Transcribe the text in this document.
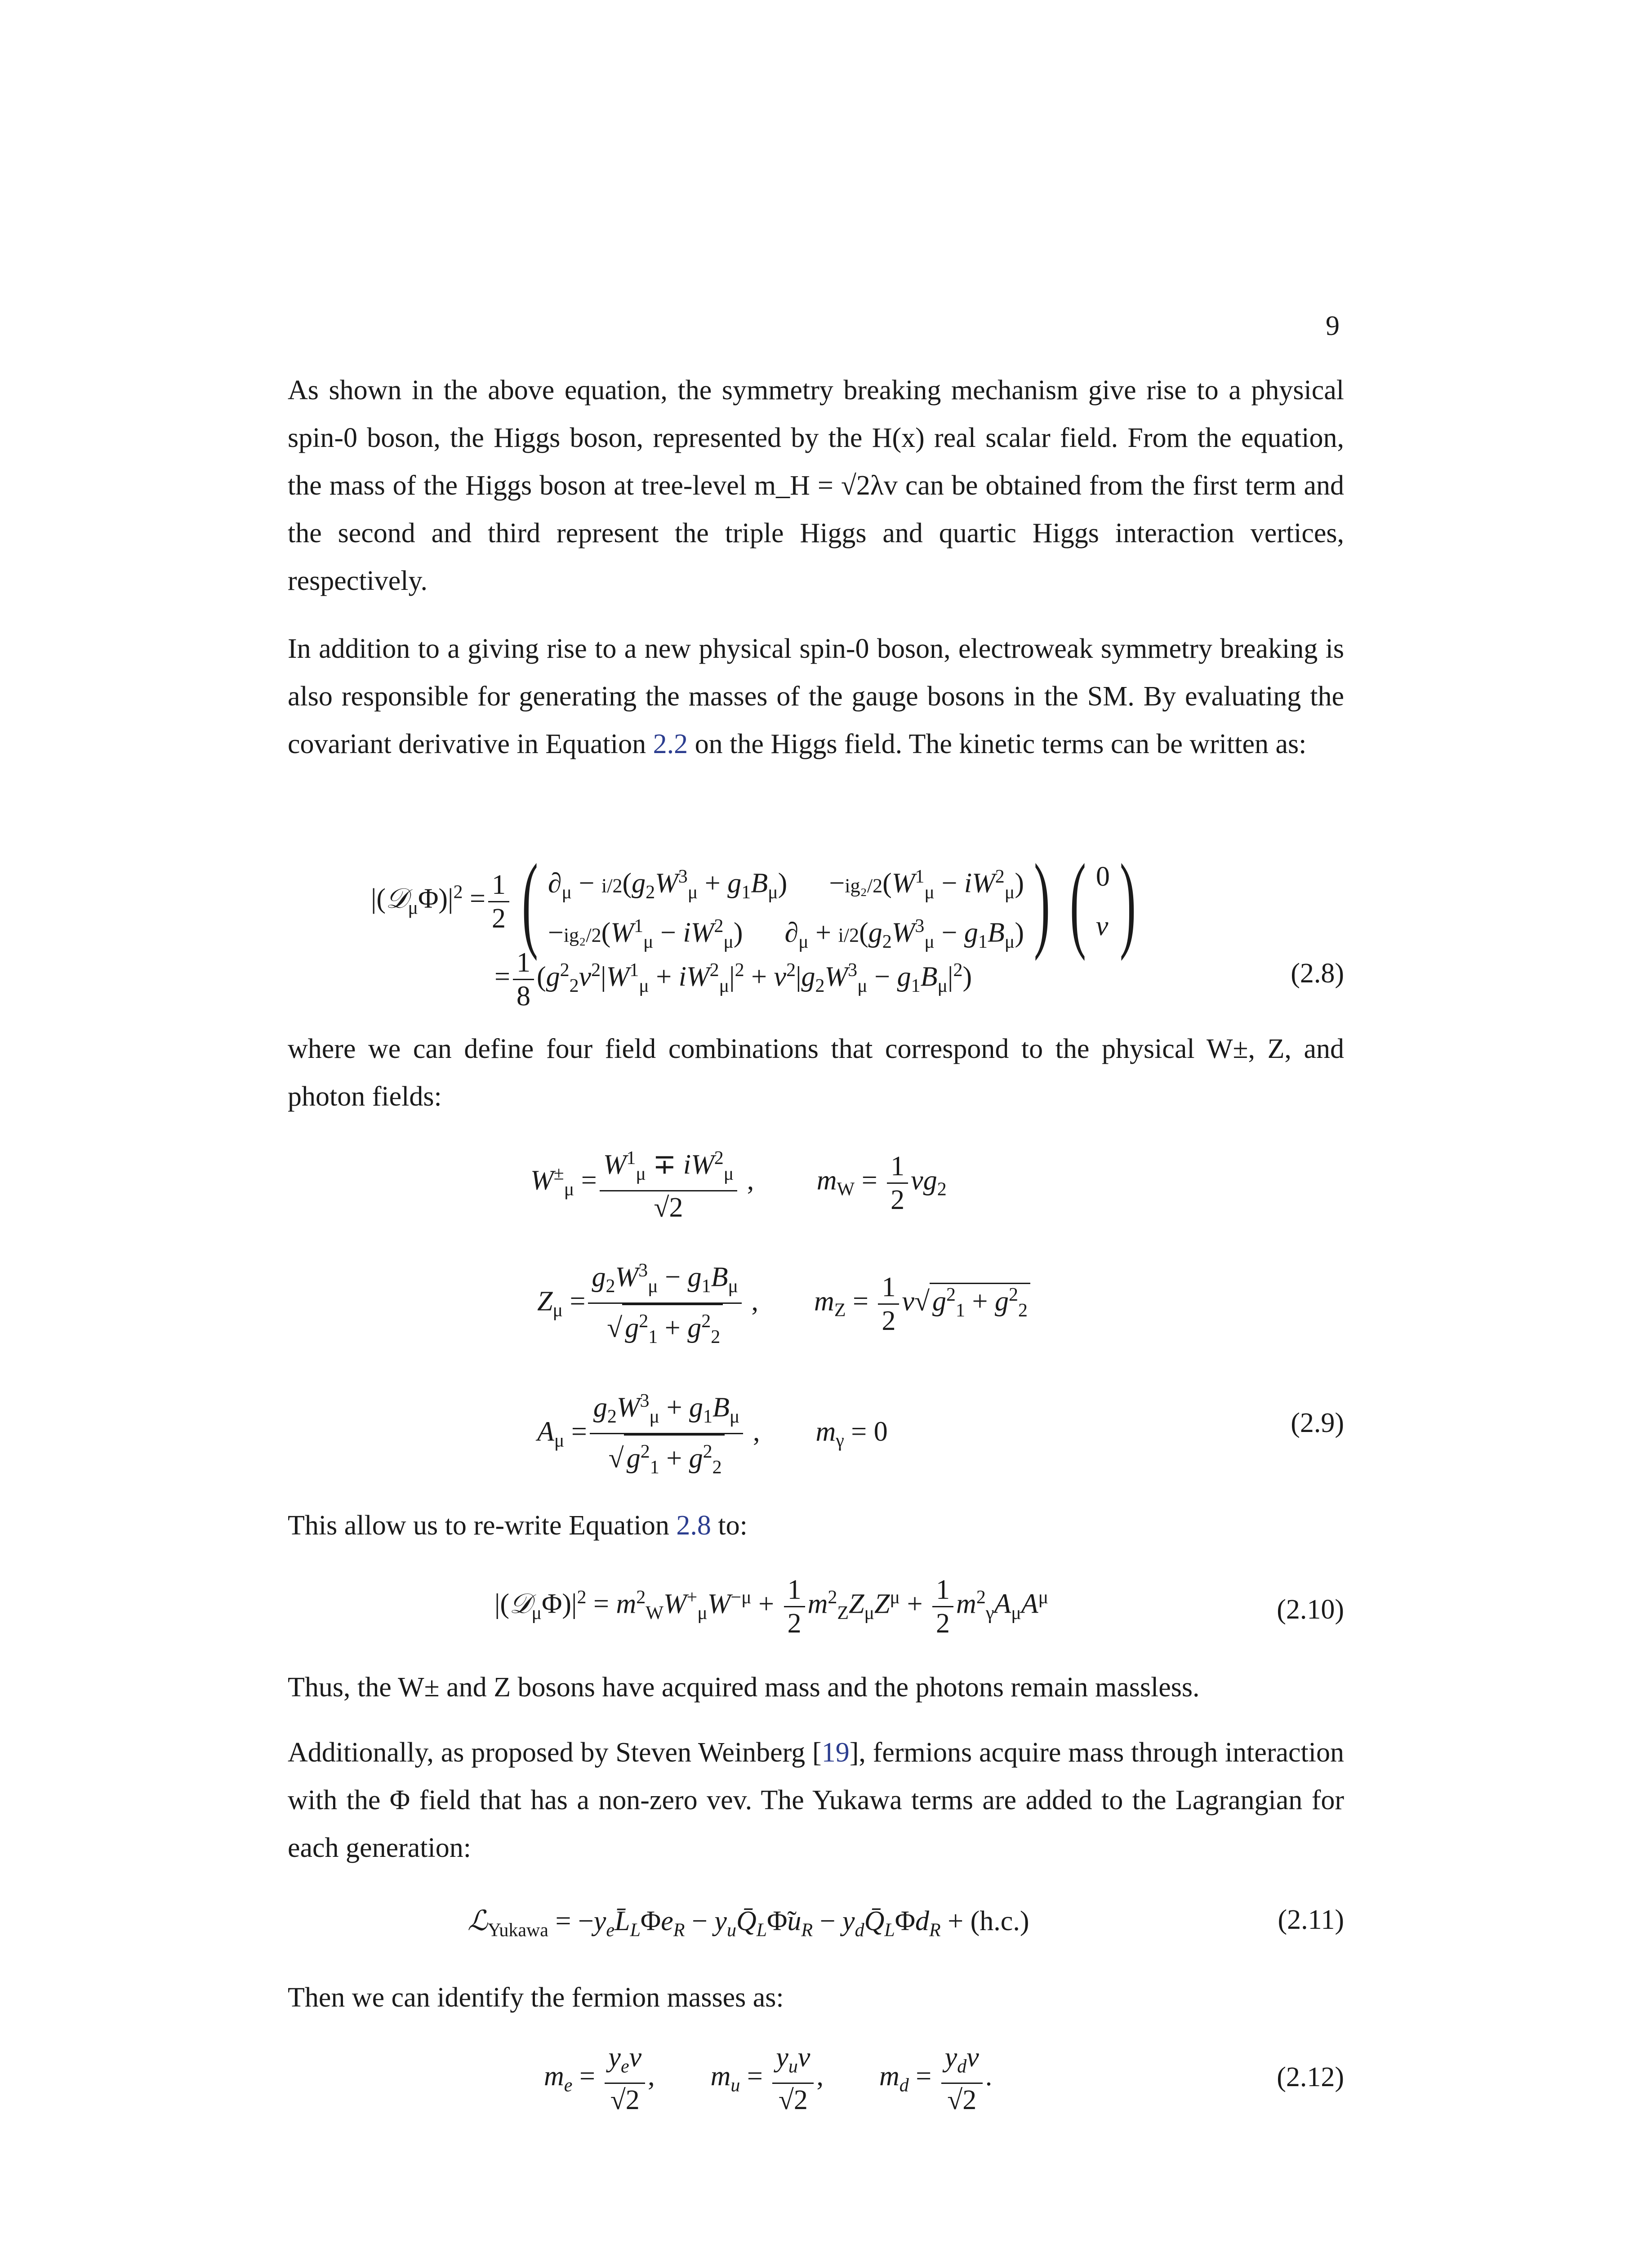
9
As shown in the above equation, the symmetry breaking mechanism give rise to a physical spin-0 boson, the Higgs boson, represented by the H(x) real scalar field. From the equation, the mass of the Higgs boson at tree-level m_H = √2λv can be obtained from the first term and the second and third represent the triple Higgs and quartic Higgs interaction vertices, respectively.
In addition to a giving rise to a new physical spin-0 boson, electroweak symmetry breaking is also responsible for generating the masses of the gauge bosons in the SM. By evaluating the covariant derivative in Equation 2.2 on the Higgs field. The kinetic terms can be written as:
$|(𝒟_\mu\Phi)|^2 = \frac{1}{2}$ ( $\partial_\mu - i/2(g_2W^3_\mu + g_1B_\mu)$      $-ig_2/2(W^1_\mu - iW^2_\mu)$
$-ig_2/2(W^1_\mu - iW^2_\mu)$      $\partial_\mu + i/2(g_2W^3_\mu - g_1B_\mu)$ ) ( 0
v )
= $\frac{1}{8} (g^2_2v^2|W^1_\mu + iW^2_\mu|^2 + v^2|g_2W^3_\mu - g_1B_\mu|^2)$	(2.8)
where we can define four field combinations that correspond to the physical W±, Z, and photon fields:
$W^\pm_\mu = \frac{W^1_\mu \mp iW^2_\mu}{√2}$ ,         $m_W = \frac{1}{2} vg_2$
$Z_\mu = \frac{g_2W^3_\mu - g_1B_\mu}{√g^2_1 + g^2_2}$ ,        $m_Z = \frac{1}{2} v√g^2_1 + g^2_2$
$A_\mu = \frac{g_2W^3_\mu + g_1B_\mu}{√g^2_1 + g^2_2}$ ,        $m_\gamma = 0$	(2.9)
This allow us to re-write Equation 2.8 to:
$|(𝒟_\mu\Phi)|^2 = m^2_WW^+_\mu W^{-\mu} + \frac{1}{2} m^2_ZZ_\mu Z^\mu + \frac{1}{2} m^2_\gamma A_\mu A^\mu$	(2.10)
Thus, the W± and Z bosons have acquired mass and the photons remain massless.
Additionally, as proposed by Steven Weinberg [19], fermions acquire mass through interaction with the Φ field that has a non-zero vev. The Yukawa terms are added to the Lagrangian for each generation:
ℒ$_{Yukawa}$ = $-y_eL̄_L\Phi e_R$ − $y_uQ̄_L\Phĩu_R$ − $y_dQ̄_L\Phi d_R + (h.c.)$	(2.11)
Then we can identify the fermion masses as:
$m_e = \frac{y_ev}{√2}$ ,        $m_u = \frac{y_uv}{√2}$ ,        $m_d = \frac{y_dv}{√2}$ .	(2.12)
